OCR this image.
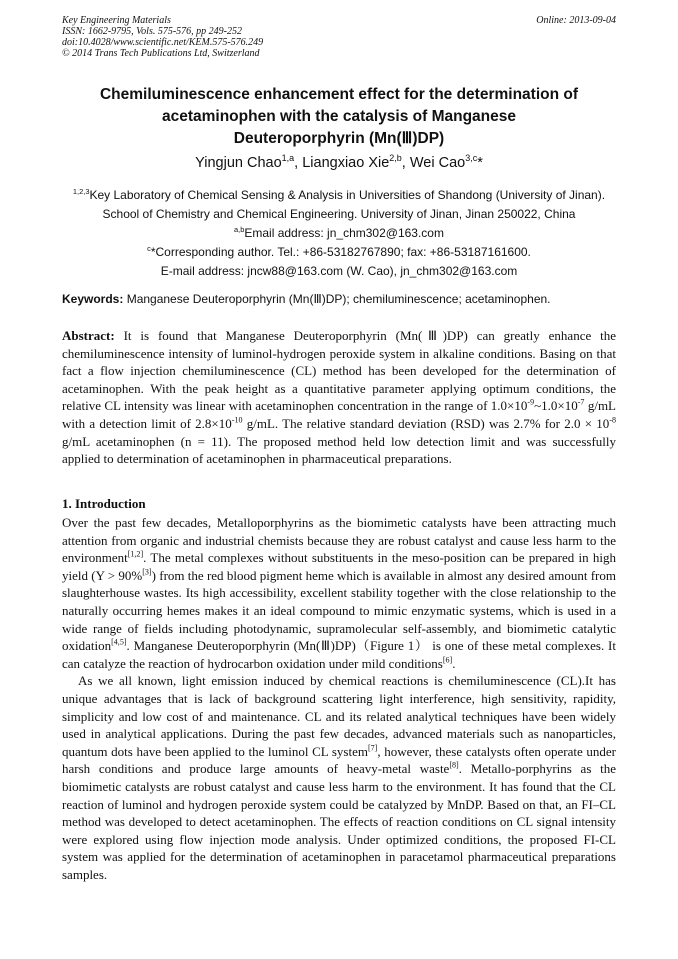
Key Engineering Materials
ISSN: 1662-9795, Vols. 575-576, pp 249-252
doi:10.4028/www.scientific.net/KEM.575-576.249
© 2014 Trans Tech Publications Ltd, Switzerland
Online: 2013-09-04
Chemiluminescence enhancement effect for the determination of
acetaminophen with the catalysis of Manganese
Deuteroporphyrin (Mn(Ⅲ)DP)
Yingjun Chao$^{1,a}$, Liangxiao Xie$^{2,b}$, Wei Cao$^{3,c}$*
$^{1,2,3}$Key Laboratory of Chemical Sensing & Analysis in Universities of Shandong (University of Jinan).
School of Chemistry and Chemical Engineering. University of Jinan, Jinan 250022, China
$^{a,b}$Email address: jn_chm302@163.com
$^c$*Corresponding author. Tel.: +86-53182767890; fax: +86-53187161600.
E-mail address: jncw88@163.com (W. Cao), jn_chm302@163.com
Keywords: Manganese Deuteroporphyrin (Mn(Ⅲ)DP); chemiluminescence; acetaminophen.
Abstract: It is found that Manganese Deuteroporphyrin (Mn(Ⅲ)DP) can greatly enhance the chemiluminescence intensity of luminol-hydrogen peroxide system in alkaline conditions. Basing on that fact a flow injection chemiluminescence (CL) method has been developed for the determination of acetaminophen. With the peak height as a quantitative parameter applying optimum conditions, the relative CL intensity was linear with acetaminophen concentration in the range of $1.0\times 10^{-9}\sim 1.0\times 10^{-7}$ g/mL with a detection limit of $2.8\times 10^{-10}$ g/mL. The relative standard deviation (RSD) was 2.7% for $2.0 \times 10^{-8}$ g/mL acetaminophen (n = 11). The proposed method held low detection limit and was successfully applied to determination of acetaminophen in pharmaceutical preparations.
1. Introduction

Over the past few decades, Metalloporphyrins as the biomimetic catalysts have been attracting much attention from organic and industrial chemists because they are robust catalyst and cause less harm to the environment[1,2]. The metal complexes without substituents in the meso-position can be prepared in high yield (Y > 90%[3]) from the red blood pigment heme which is available in almost any desired amount from slaughterhouse wastes. Its high accessibility, excellent stability together with the close relationship to the naturally occurring hemes makes it an ideal compound to mimic enzymatic systems, which is used in a wide range of fields including photodynamic, supramolecular self-assembly, and biomimetic catalytic oxidation[4,5]. Manganese Deuteroporphyrin (Mn(Ⅲ)DP)（Figure 1） is one of these metal complexes. It can catalyze the reaction of hydrocarbon oxidation under mild conditions[6].

As we all known, light emission induced by chemical reactions is chemiluminescence (CL).It has unique advantages that is lack of background scattering light interference, high sensitivity, rapidity, simplicity and low cost of and maintenance. CL and its related analytical techniques have been widely used in analytical applications. During the past few decades, advanced materials such as nanoparticles, quantum dots have been applied to the luminol CL system[7], however, these catalysts often operate under harsh conditions and produce large amounts of heavy-metal waste[8]. Metallo-porphyrins as the biomimetic catalysts are robust catalyst and cause less harm to the environment. It has found that the CL reaction of luminol and hydrogen peroxide system could be catalyzed by MnDP. Based on that, an FI–CL method was developed to detect acetaminophen. The effects of reaction conditions on CL signal intensity were explored using flow injection mode analysis. Under optimized conditions, the proposed FI-CL system was applied for the determination of acetaminophen in paracetamol pharmaceutical preparations samples.
